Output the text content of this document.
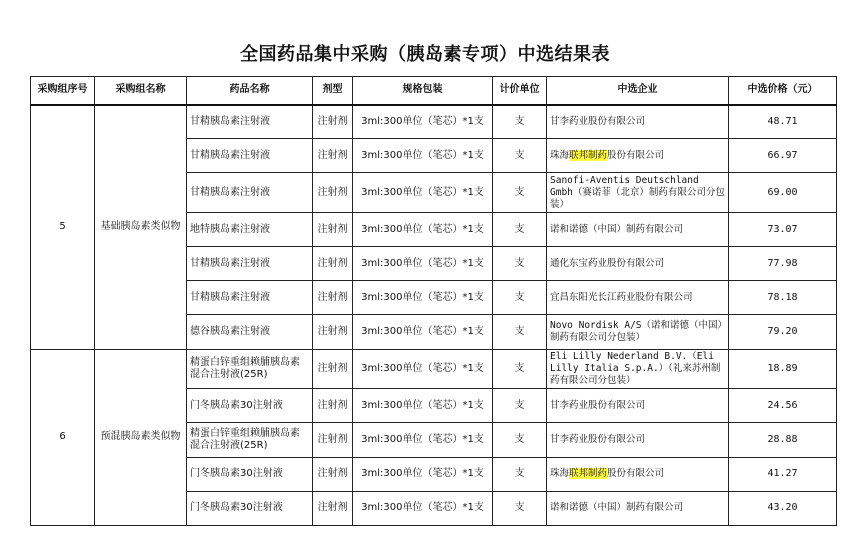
全国药品集中采购（胰岛素专项）中选结果表
采购组序号	采购组名称	药品名称	剂型	规格包装	计价单位	中选企业	中选价格（元）
5	基础胰岛素类似物	甘精胰岛素注射液	注射剂	3ml:300单位（笔芯）*1支	支	甘李药业股份有限公司	48.71
		甘精胰岛素注射液	注射剂	3ml:300单位（笔芯）*1支	支	珠海联邦制药股份有限公司	66.97
		甘精胰岛素注射液	注射剂	3ml:300单位（笔芯）*1支	支	Sanofi-Aventis Deutschland Gmbh（赛诺菲（北京）制药有限公司分包装）	69.00
		地特胰岛素注射液	注射剂	3ml:300单位（笔芯）*1支	支	诺和诺德（中国）制药有限公司	73.07
		甘精胰岛素注射液	注射剂	3ml:300单位（笔芯）*1支	支	通化东宝药业股份有限公司	77.98
		甘精胰岛素注射液	注射剂	3ml:300单位（笔芯）*1支	支	宜昌东阳光长江药业股份有限公司	78.18
		德谷胰岛素注射液	注射剂	3ml:300单位（笔芯）*1支	支	Novo Nordisk A/S（诺和诺德（中国）制药有限公司分包装）	79.20
6	预混胰岛素类似物	精蛋白锌重组赖脯胰岛素混合注射液(25R)	注射剂	3ml:300单位（笔芯）*1支	支	Eli Lilly Nederland B.V.（Eli Lilly Italia S.p.A.）（礼来苏州制药有限公司分包装）	18.89
		门冬胰岛素30注射液	注射剂	3ml:300单位（笔芯）*1支	支	甘李药业股份有限公司	24.56
		精蛋白锌重组赖脯胰岛素混合注射液(25R)	注射剂	3ml:300单位（笔芯）*1支	支	甘李药业股份有限公司	28.88
		门冬胰岛素30注射液	注射剂	3ml:300单位（笔芯）*1支	支	珠海联邦制药股份有限公司	41.27
		门冬胰岛素30注射液	注射剂	3ml:300单位（笔芯）*1支	支	诺和诺德（中国）制药有限公司	43.20
